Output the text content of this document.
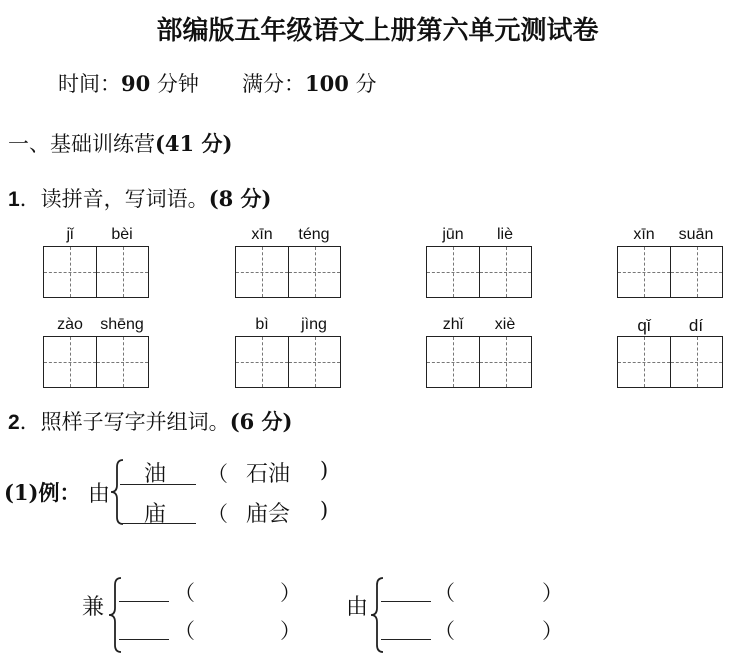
部编版五年级语文上册第六单元测试卷
时间：90 分钟 满分：100 分
一、基础训练营(41 分)
1．读拼音，写词语。(8 分)
jǐ bèi	xīn téng	jūn liè	xīn suān
zào shēng	bì jìng	zhǐ xiè	qǐ dí
2．照样子写字并组词。(6 分)
(1)例： 由
油 （ 石油 )
庙 （ 庙会 )
兼
（	）
（	）
由
（	）
（	）
